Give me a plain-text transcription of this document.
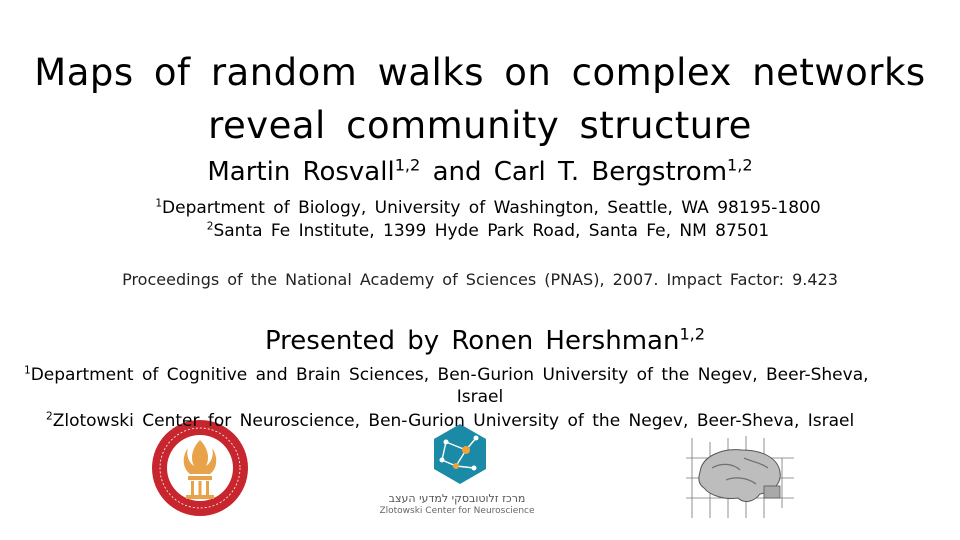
Maps of random walks on complex networks
reveal community structure
Martin Rosvall$^{1,2}$ and Carl T. Bergstrom$^{1,2}$
$^1$Department of Biology, University of Washington, Seattle, WA 98195-1800
$^2$Santa Fe Institute, 1399 Hyde Park Road, Santa Fe, NM 87501
Proceedings of the National Academy of Sciences (PNAS), 2007. Impact Factor: 9.423
Presented by Ronen Hershman$^{1,2}$
$^1$Department of Cognitive and Brain Sciences, Ben-Gurion University of the Negev, Beer-Sheva,
Israel
מרכז זלוטובסקי למדעי העצב
Zlotowski Center for Neuroscience
$^2$Zlotowski Center for Neuroscience, Ben-Gurion University of the Negev, Beer-Sheva, Israel
